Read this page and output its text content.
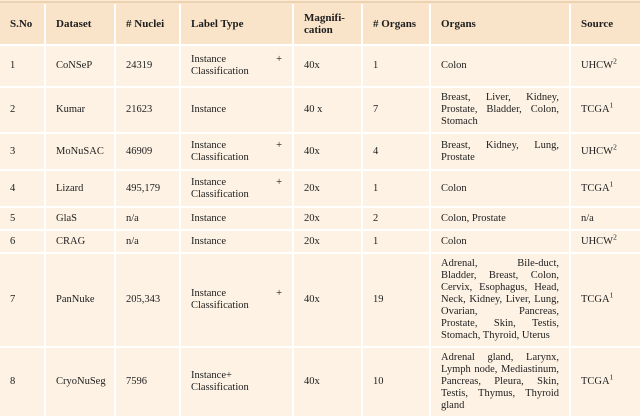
S.No	Dataset	# Nuclei	Label Type	Magnifi-cation	# Organs	Organs	Source
1	CoNSeP	24319	Instance + Classification	40x	1	Colon	UHCW$^2$
2	Kumar	21623	Instance	40 x	7	Breast, Liver, Kidney, Prostate, Bladder, Colon, Stomach	TCGA$^1$
3	MoNuSAC	46909	Instance + Classification	40x	4	Breast, Kidney, Lung, Prostate	UHCW$^2$
4	Lizard	495,179	Instance + Classification	20x	1	Colon	TCGA$^1$
5	GlaS	n/a	Instance	20x	2	Colon, Prostate	n/a
6	CRAG	n/a	Instance	20x	1	Colon	UHCW$^2$
7	PanNuke	205,343	Instance + Classification	40x	19	Adrenal, Bile-duct, Bladder, Breast, Colon, Cervix, Esophagus, Head, Neck, Kidney, Liver, Lung, Ovarian, Pancreas, Prostate, Skin, Testis, Stomach, Thyroid, Uterus	TCGA$^1$
8	CryoNuSeg	7596	Instance+ Classification	40x	10	Adrenal gland, Larynx, Lymph node, Mediastinum, Pancreas, Pleura, Skin, Testis, Thymus, Thyroid gland	TCGA$^1$
